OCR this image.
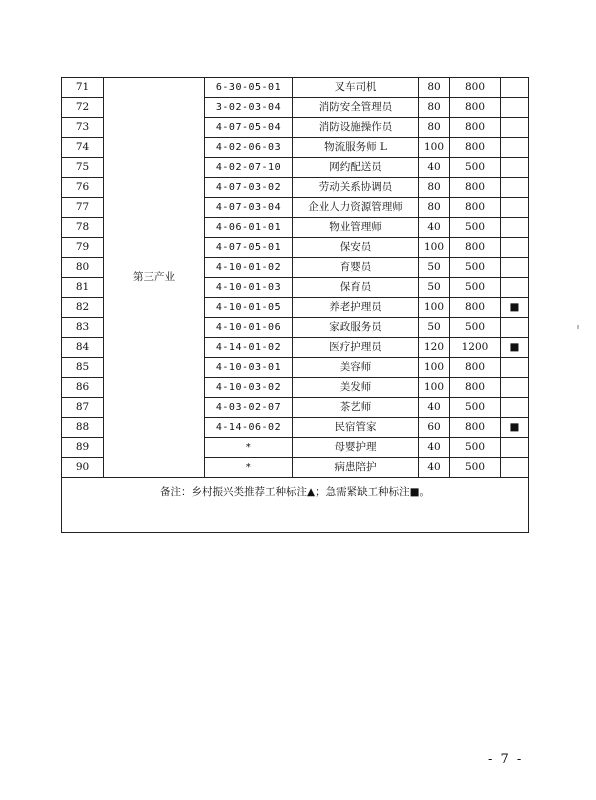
71	第三产业	6-30-05-01	叉车司机	80	800	
72		3-02-03-04	消防安全管理员	80	800	
73		4-07-05-04	消防设施操作员	80	800	
74		4-02-06-03	物流服务师 L	100	800	
75		4-02-07-10	网约配送员	40	500	
76		4-07-03-02	劳动关系协调员	80	800	
77		4-07-03-04	企业人力资源管理师	80	800	
78		4-06-01-01	物业管理师	40	500	
79		4-07-05-01	保安员	100	800	
80		4-10-01-02	育婴员	50	500	
81		4-10-01-03	保育员	50	500	
82		4-10-01-05	养老护理员	100	800	■
83		4-10-01-06	家政服务员	50	500	
84		4-14-01-02	医疗护理员	120	1200	■
85		4-10-03-01	美容师	100	800	
86		4-10-03-02	美发师	100	800	
87		4-03-02-07	茶艺师	40	500	
88		4-14-06-02	民宿管家	60	800	■
89		*	母婴护理	40	500	
90		*	病患陪护	40	500	
备注：乡村振兴类推荐工种标注▲；急需紧缺工种标注■。						
- 7 -
